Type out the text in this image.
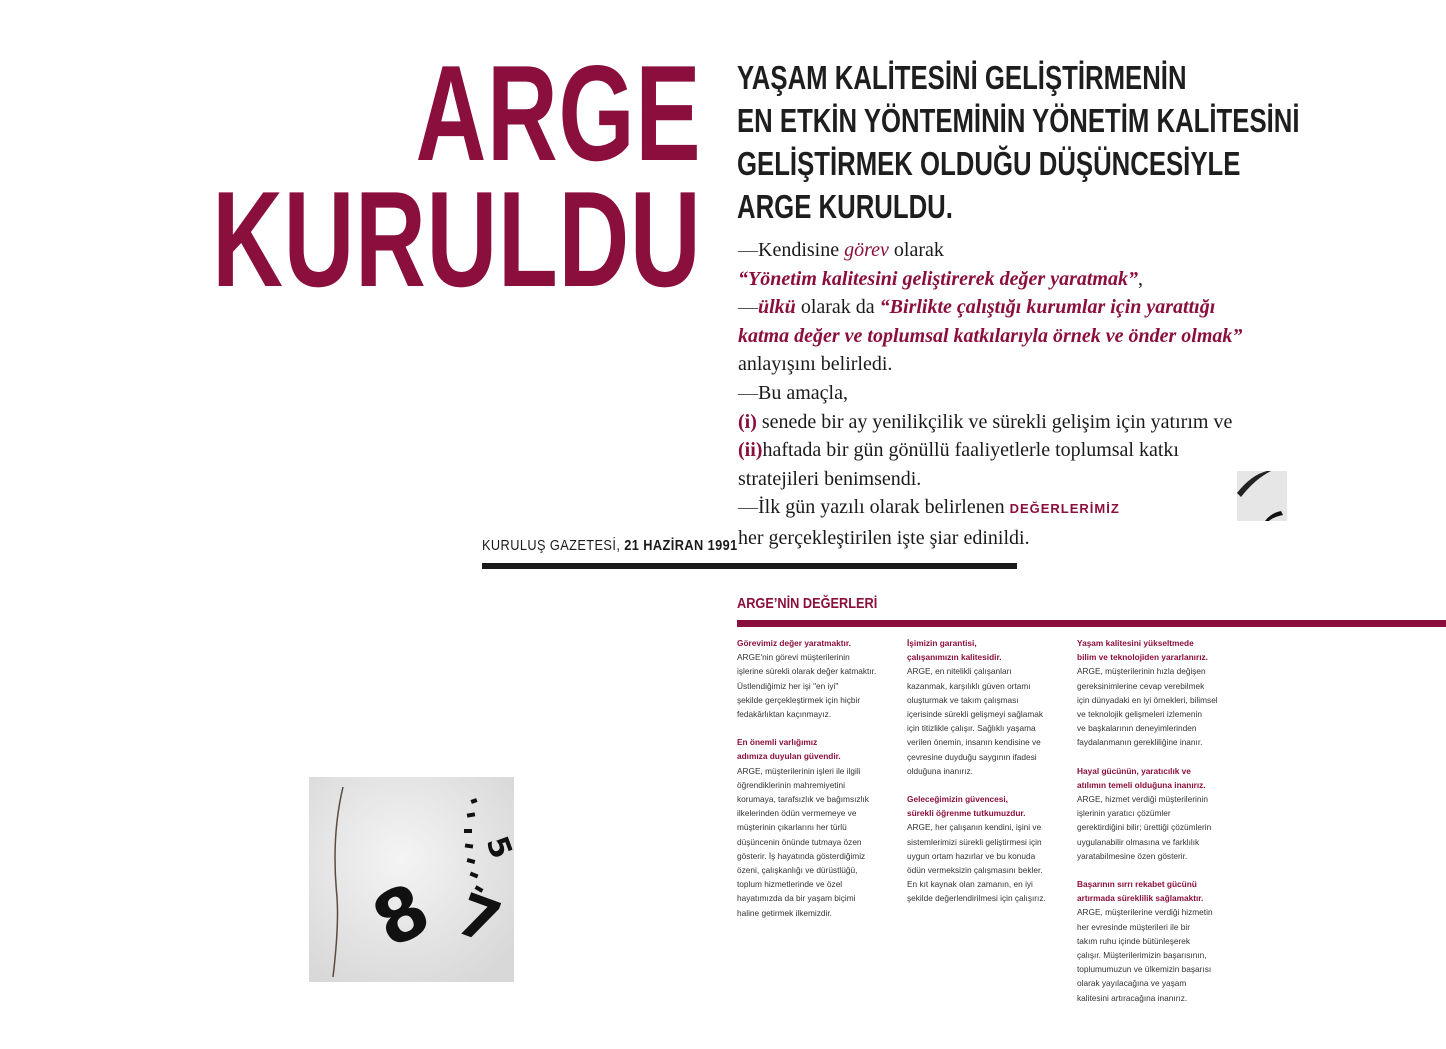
ARGE
KURULDU
YAŞAM KALİTESİNİ GELİŞTİRMENİN
EN ETKİN YÖNTEMİNİN YÖNETİM KALİTESİNİ
GELİŞTİRMEK OLDUĞU DÜŞÜNCESİYLE
ARGE KURULDU.

—Kendisine görev olarak

“Yönetim kalitesini geliştirerek değer yaratmak”,

—ülkü olarak da “Birlikte çalıştığı kurumlar için yarattığı

katma değer ve toplumsal katkılarıyla örnek ve önder olmak”

anlayışını belirledi.

—Bu amaçla,

(i) senede bir ay yenilikçilik ve sürekli gelişim için yatırım ve

(ii)haftada bir gün gönüllü faaliyetlerle toplumsal katkı

stratejileri benimsendi.

—İlk gün yazılı olarak belirlenen DEĞERLERİMİZ

her gerçekleştirilen işte şiar edinildi.

KURULUŞ GAZETESİ, 21 HAZİRAN 1991
ARGE’NİN DEĞERLERİ
Görevimiz değer yaratmaktır.
ARGE'nin görevi müşterilerinin
işlerine sürekli olarak değer katmaktır.
Üstlendiğimiz her işi "en iyi"
şekilde gerçekleştirmek için hiçbir
fedakârlıktan kaçınmayız.
En önemli varlığımız
adımıza duyulan güvendir.
ARGE, müşterilerinin işleri ile ilgili
öğrendiklerinin mahremiyetini
korumaya, tarafsızlık ve bağımsızlık
ilkelerinden ödün vermemeye ve
müşterinin çıkarlarını her türlü
düşüncenin önünde tutmaya özen
gösterir. İş hayatında gösterdiğimiz
özeni, çalışkanlığı ve dürüstlüğü,
toplum hizmetlerinde ve özel
hayatımızda da bir yaşam biçimi
haline getirmek ilkemizdir.
İşimizin garantisi,
çalışanımızın kalitesidir.
ARGE, en nitelikli çalışanları
kazanmak, karşılıklı güven ortamı
oluşturmak ve takım çalışması
içerisinde sürekli gelişmeyi sağlamak
için titizlikle çalışır. Sağlıklı yaşama
verilen önemin, insanın kendisine ve
çevresine duyduğu saygının ifadesi
olduğuna inanırız.
Geleceğimizin güvencesi,
sürekli öğrenme tutkumuzdur.
ARGE, her çalışanın kendini, işini ve
sistemlerimizi sürekli geliştirmesi için
uygun ortam hazırlar ve bu konuda
ödün vermeksizin çalışmasını bekler.
En kıt kaynak olan zamanın, en iyi
şekilde değerlendirilmesi için çalışırız.
Yaşam kalitesini yükseltmede
bilim ve teknolojiden yararlanırız.
ARGE, müşterilerinin hızla değişen
gereksinimlerine cevap verebilmek
için dünyadaki en iyi örnekleri, bilimsel
ve teknolojik gelişmeleri izlemenin
ve başkalarının deneyimlerinden
faydalanmanın gerekliliğine inanır.
Hayal gücünün, yaratıcılık ve
atılımın temeli olduğuna inanırız.
ARGE, hizmet verdiği müşterilerinin
işlerinin yaratıcı çözümler
gerektirdiğini bilir; ürettiği çözümlerin
uygulanabilir olmasına ve farklılık
yaratabilmesine özen gösterir.
Başarının sırrı rekabet gücünü
artırmada süreklilik sağlamaktır.
ARGE, müşterilerine verdiği hizmetin
her evresinde müşterileri ile bir
takım ruhu içinde bütünleşerek
çalışır. Müşterilerimizin başarısının,
toplumumuzun ve ülkemizin başarısı
olarak yayılacağına ve yaşam
kalitesini artıracağına inanırız.
8 7
5
